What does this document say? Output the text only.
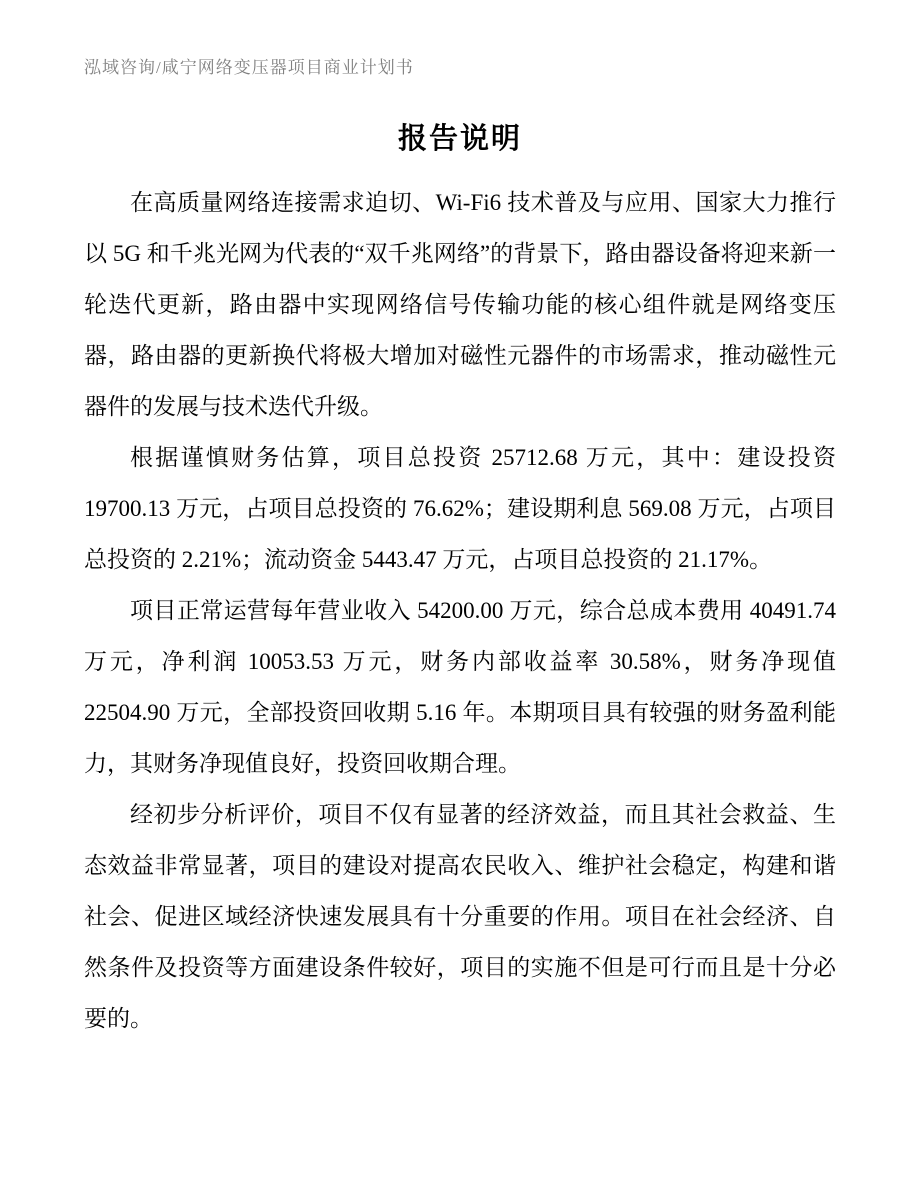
泓域咨询/咸宁网络变压器项目商业计划书
报告说明

在高质量网络连接需求迫切、Wi-Fi6 技术普及与应用、国家大力推行以 5G 和千兆光网为代表的“双千兆网络”的背景下，路由器设备将迎来新一轮迭代更新，路由器中实现网络信号传输功能的核心组件就是网络变压器，路由器的更新换代将极大增加对磁性元器件的市场需求，推动磁性元器件的发展与技术迭代升级。

根据谨慎财务估算，项目总投资 25712.68 万元，其中：建设投资 19700.13 万元，占项目总投资的 76.62%；建设期利息 569.08 万元，占项目总投资的 2.21%；流动资金 5443.47 万元，占项目总投资的 21.17%。

项目正常运营每年营业收入 54200.00 万元，综合总成本费用 40491.74 万元，净利润 10053.53 万元，财务内部收益率 30.58%，财务净现值 22504.90 万元，全部投资回收期 5.16 年。本期项目具有较强的财务盈利能力，其财务净现值良好，投资回收期合理。

经初步分析评价，项目不仅有显著的经济效益，而且其社会救益、生态效益非常显著，项目的建设对提高农民收入、维护社会稳定，构建和谐社会、促进区域经济快速发展具有十分重要的作用。项目在社会经济、自然条件及投资等方面建设条件较好，项目的实施不但是可行而且是十分必要的。
